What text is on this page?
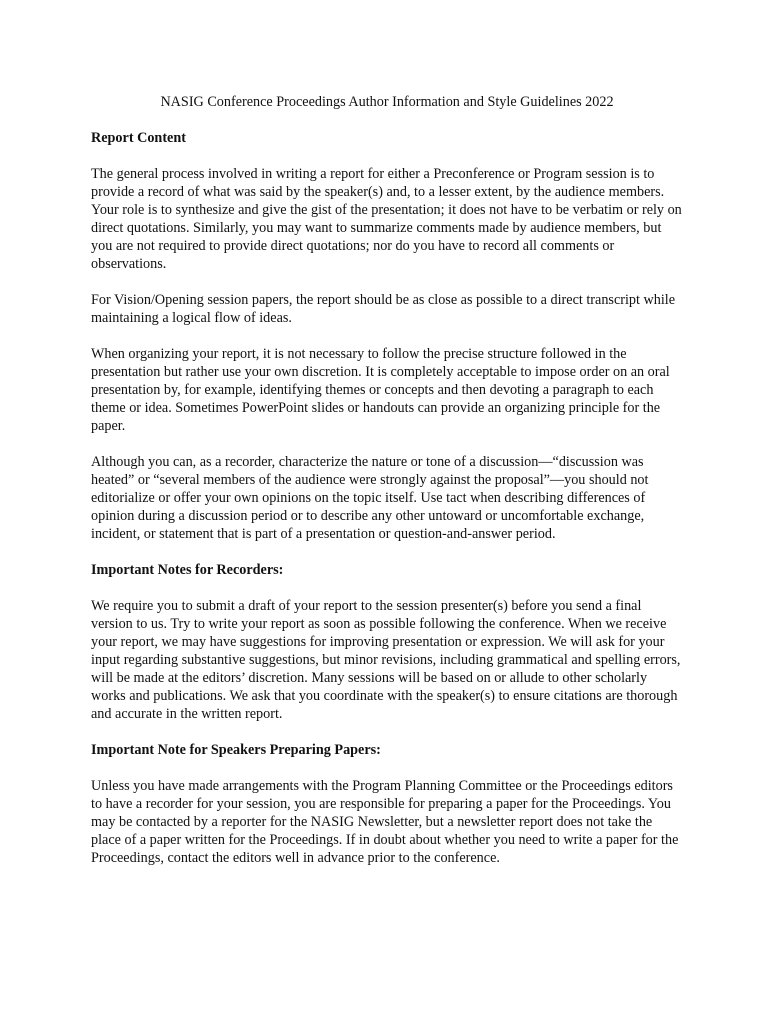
NASIG Conference Proceedings Author Information and Style Guidelines 2022
Report Content

The general process involved in writing a report for either a Preconference or Program session is to provide a record of what was said by the speaker(s) and, to a lesser extent, by the audience members. Your role is to synthesize and give the gist of the presentation; it does not have to be verbatim or rely on direct quotations. Similarly, you may want to summarize comments made by audience members, but you are not required to provide direct quotations; nor do you have to record all comments or observations.

For Vision/Opening session papers, the report should be as close as possible to a direct transcript while maintaining a logical flow of ideas.

When organizing your report, it is not necessary to follow the precise structure followed in the presentation but rather use your own discretion. It is completely acceptable to impose order on an oral presentation by, for example, identifying themes or concepts and then devoting a paragraph to each theme or idea. Sometimes PowerPoint slides or handouts can provide an organizing principle for the paper.

Although you can, as a recorder, characterize the nature or tone of a discussion—“discussion was heated” or “several members of the audience were strongly against the proposal”—you should not editorialize or offer your own opinions on the topic itself. Use tact when describing differences of opinion during a discussion period or to describe any other untoward or uncomfortable exchange, incident, or statement that is part of a presentation or question-and-answer period.

Important Notes for Recorders:

We require you to submit a draft of your report to the session presenter(s) before you send a final version to us. Try to write your report as soon as possible following the conference. When we receive your report, we may have suggestions for improving presentation or expression. We will ask for your input regarding substantive suggestions, but minor revisions, including grammatical and spelling errors, will be made at the editors’ discretion. Many sessions will be based on or allude to other scholarly works and publications. We ask that you coordinate with the speaker(s) to ensure citations are thorough and accurate in the written report.

Important Note for Speakers Preparing Papers:

Unless you have made arrangements with the Program Planning Committee or the Proceedings editors to have a recorder for your session, you are responsible for preparing a paper for the Proceedings. You may be contacted by a reporter for the NASIG Newsletter, but a newsletter report does not take the place of a paper written for the Proceedings. If in doubt about whether you need to write a paper for the Proceedings, contact the editors well in advance prior to the conference.
